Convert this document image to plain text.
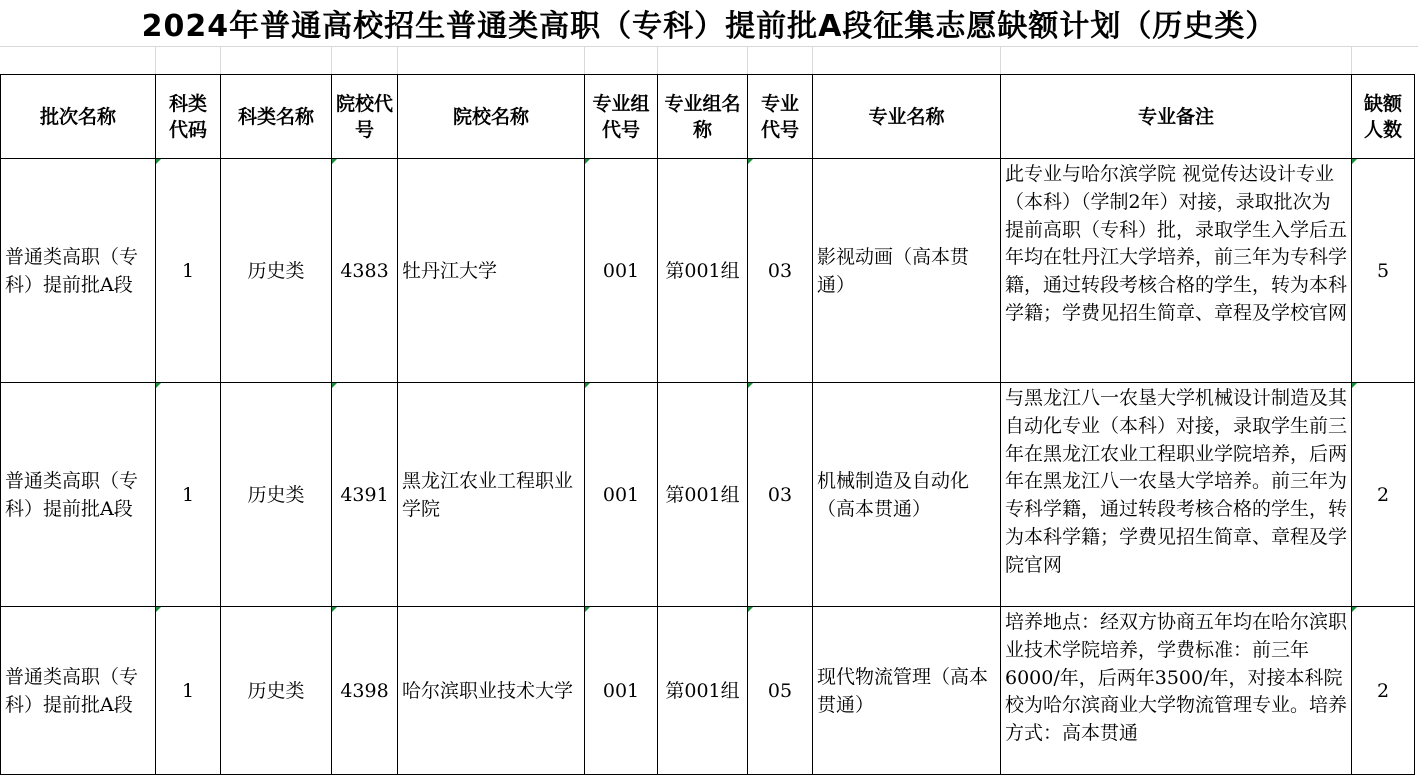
2024年普通高校招生普通类高职（专科）提前批A段征集志愿缺额计划（历史类）
批次名称	科类代码	科类名称	院校代号	院校名称	专业组代号	专业组名称	专业代号	专业名称	专业备注	缺额人数
普通类高职（专科）提前批A段	1	历史类	4383	牡丹江大学	001	第001组	03	影视动画（高本贯通）	此专业与哈尔滨学院 视觉传达设计专业（本科）（学制2年）对接，录取批次为提前高职（专科）批，录取学生入学后五年均在牡丹江大学培养，前三年为专科学籍，通过转段考核合格的学生，转为本科学籍；学费见招生简章、章程及学校官网	5
普通类高职（专科）提前批A段	1	历史类	4391	黑龙江农业工程职业学院	001	第001组	03	机械制造及自动化（高本贯通）	与黑龙江八一农垦大学机械设计制造及其自动化专业（本科）对接，录取学生前三年在黑龙江农业工程职业学院培养，后两年在黑龙江八一农垦大学培养。前三年为专科学籍，通过转段考核合格的学生，转为本科学籍；学费见招生简章、章程及学院官网	2
普通类高职（专科）提前批A段	1	历史类	4398	哈尔滨职业技术大学	001	第001组	05	现代物流管理（高本贯通）	培养地点：经双方协商五年均在哈尔滨职业技术学院培养，学费标准：前三年6000/年，后两年3500/年，对接本科院校为哈尔滨商业大学物流管理专业。培养方式：高本贯通	2
